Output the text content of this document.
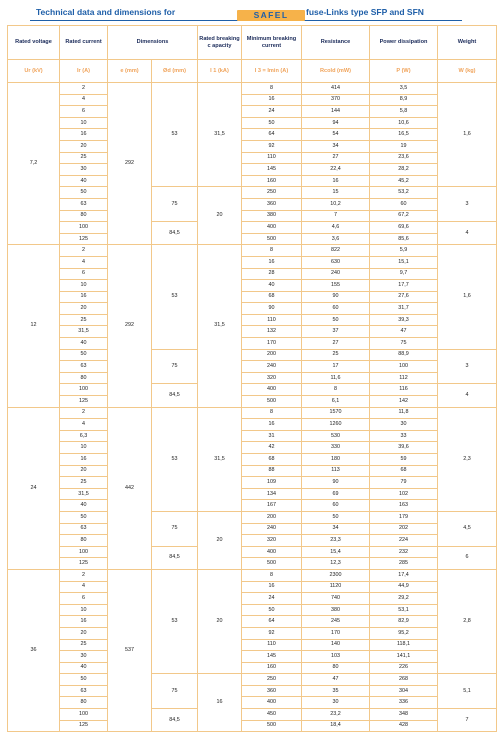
Technical data and dimensions for	SAFEL	fuse-Links type SFP and SFN
Rated voltage	Rated current	Dimensions		Rated breaking c apacity	Minimum breaking current	Resistance	Power dissipation	Weight
Ur (kV)	Ir (A)	e (mm)	Ød (mm)	I 1 (kA)	I 3 = Imin (A)	Rcold (mW)	P (W)	W (kg)
7,2	2	292	53	31,5	8	414	3,5	1,6
	4				16	370	8,9	
	6				24	144	5,8	
	10				50	94	10,6	
	16				64	54	16,5	
	20				92	34	19	
	25				110	27	23,6	
	30				145	22,4	28,2	
	40				160	16	45,2	
	50		75	20	250	15	53,2	3
	63				360	10,2	60	
	80				380	7	67,2	
	100		84,5		400	4,6	69,6	4
	125				500	3,6	85,6	
12	2	292	53	31,5	8	822	5,9	1,6
	4				16	630	15,1	
	6				28	240	9,7	
	10				40	155	17,7	
	16				68	90	27,6	
	20				90	60	31,7	
	25				110	50	39,3	
	31,5				132	37	47	
	40				170	27	75	
	50		75		200	25	88,9	3
	63				240	17	100	
	80				320	11,6	112	
	100		84,5		400	8	116	4
	125				500	6,1	142	
24	2	442	53	31,5	8	1570	11,8	2,3
	4				16	1260	30	
	6,3				31	530	33	
	10				42	330	39,6	
	16				68	180	59	
	20				88	113	68	
	25				109	90	79	
	31,5				134	69	102	
	40				167	60	163	
	50		75	20	200	50	179	4,5
	63				240	34	202	
	80				320	23,3	224	
	100		84,5		400	15,4	232	6
	125				500	12,3	285	
36	2	537	53	20	8	2300	17,4	2,8
	4				16	1120	44,9	
	6				24	740	29,2	
	10				50	380	53,1	
	16				64	245	82,9	
	20				92	170	95,2	
	25				110	140	118,1	
	30				145	103	141,1	
	40				160	80	226	
	50		75	16	250	47	268	5,1
	63				360	35	304	
	80				400	30	336	
	100		84,5		450	23,2	348	7
	125				500	18,4	428	
